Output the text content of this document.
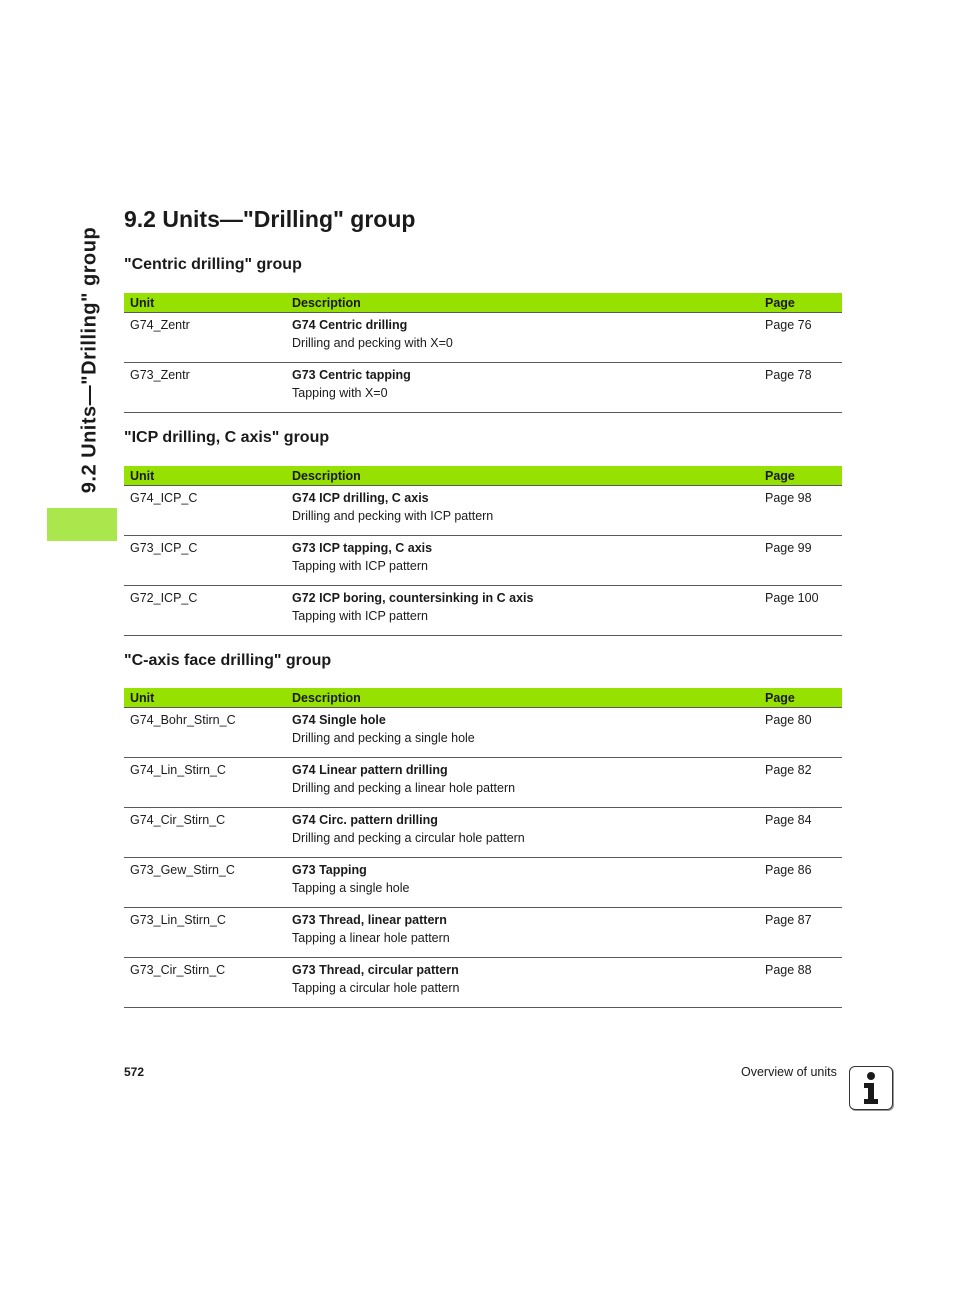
9.2 Units—"Drilling" group
9.2 Units—"Drilling" group
"Centric drilling" group
Unit	Description	Page
G74_Zentr	G74 Centric drilling	Page 76
	Drilling and pecking with X=0	
G73_Zentr	G73 Centric tapping	Page 78
	Tapping with X=0	
"ICP drilling, C axis" group
Unit	Description	Page
G74_ICP_C	G74 ICP drilling, C axis	Page 98
	Drilling and pecking with ICP pattern	
G73_ICP_C	G73 ICP tapping, C axis	Page 99
	Tapping with ICP pattern	
G72_ICP_C	G72 ICP boring, countersinking in C axis	Page 100
	Tapping with ICP pattern	
"C-axis face drilling" group
Unit	Description	Page
G74_Bohr_Stirn_C	G74 Single hole	Page 80
	Drilling and pecking a single hole	
G74_Lin_Stirn_C	G74 Linear pattern drilling	Page 82
	Drilling and pecking a linear hole pattern	
G74_Cir_Stirn_C	G74 Circ. pattern drilling	Page 84
	Drilling and pecking a circular hole pattern	
G73_Gew_Stirn_C	G73 Tapping	Page 86
	Tapping a single hole	
G73_Lin_Stirn_C	G73 Thread, linear pattern	Page 87
	Tapping a linear hole pattern	
G73_Cir_Stirn_C	G73 Thread, circular pattern	Page 88
	Tapping a circular hole pattern	
572	Overview of units
